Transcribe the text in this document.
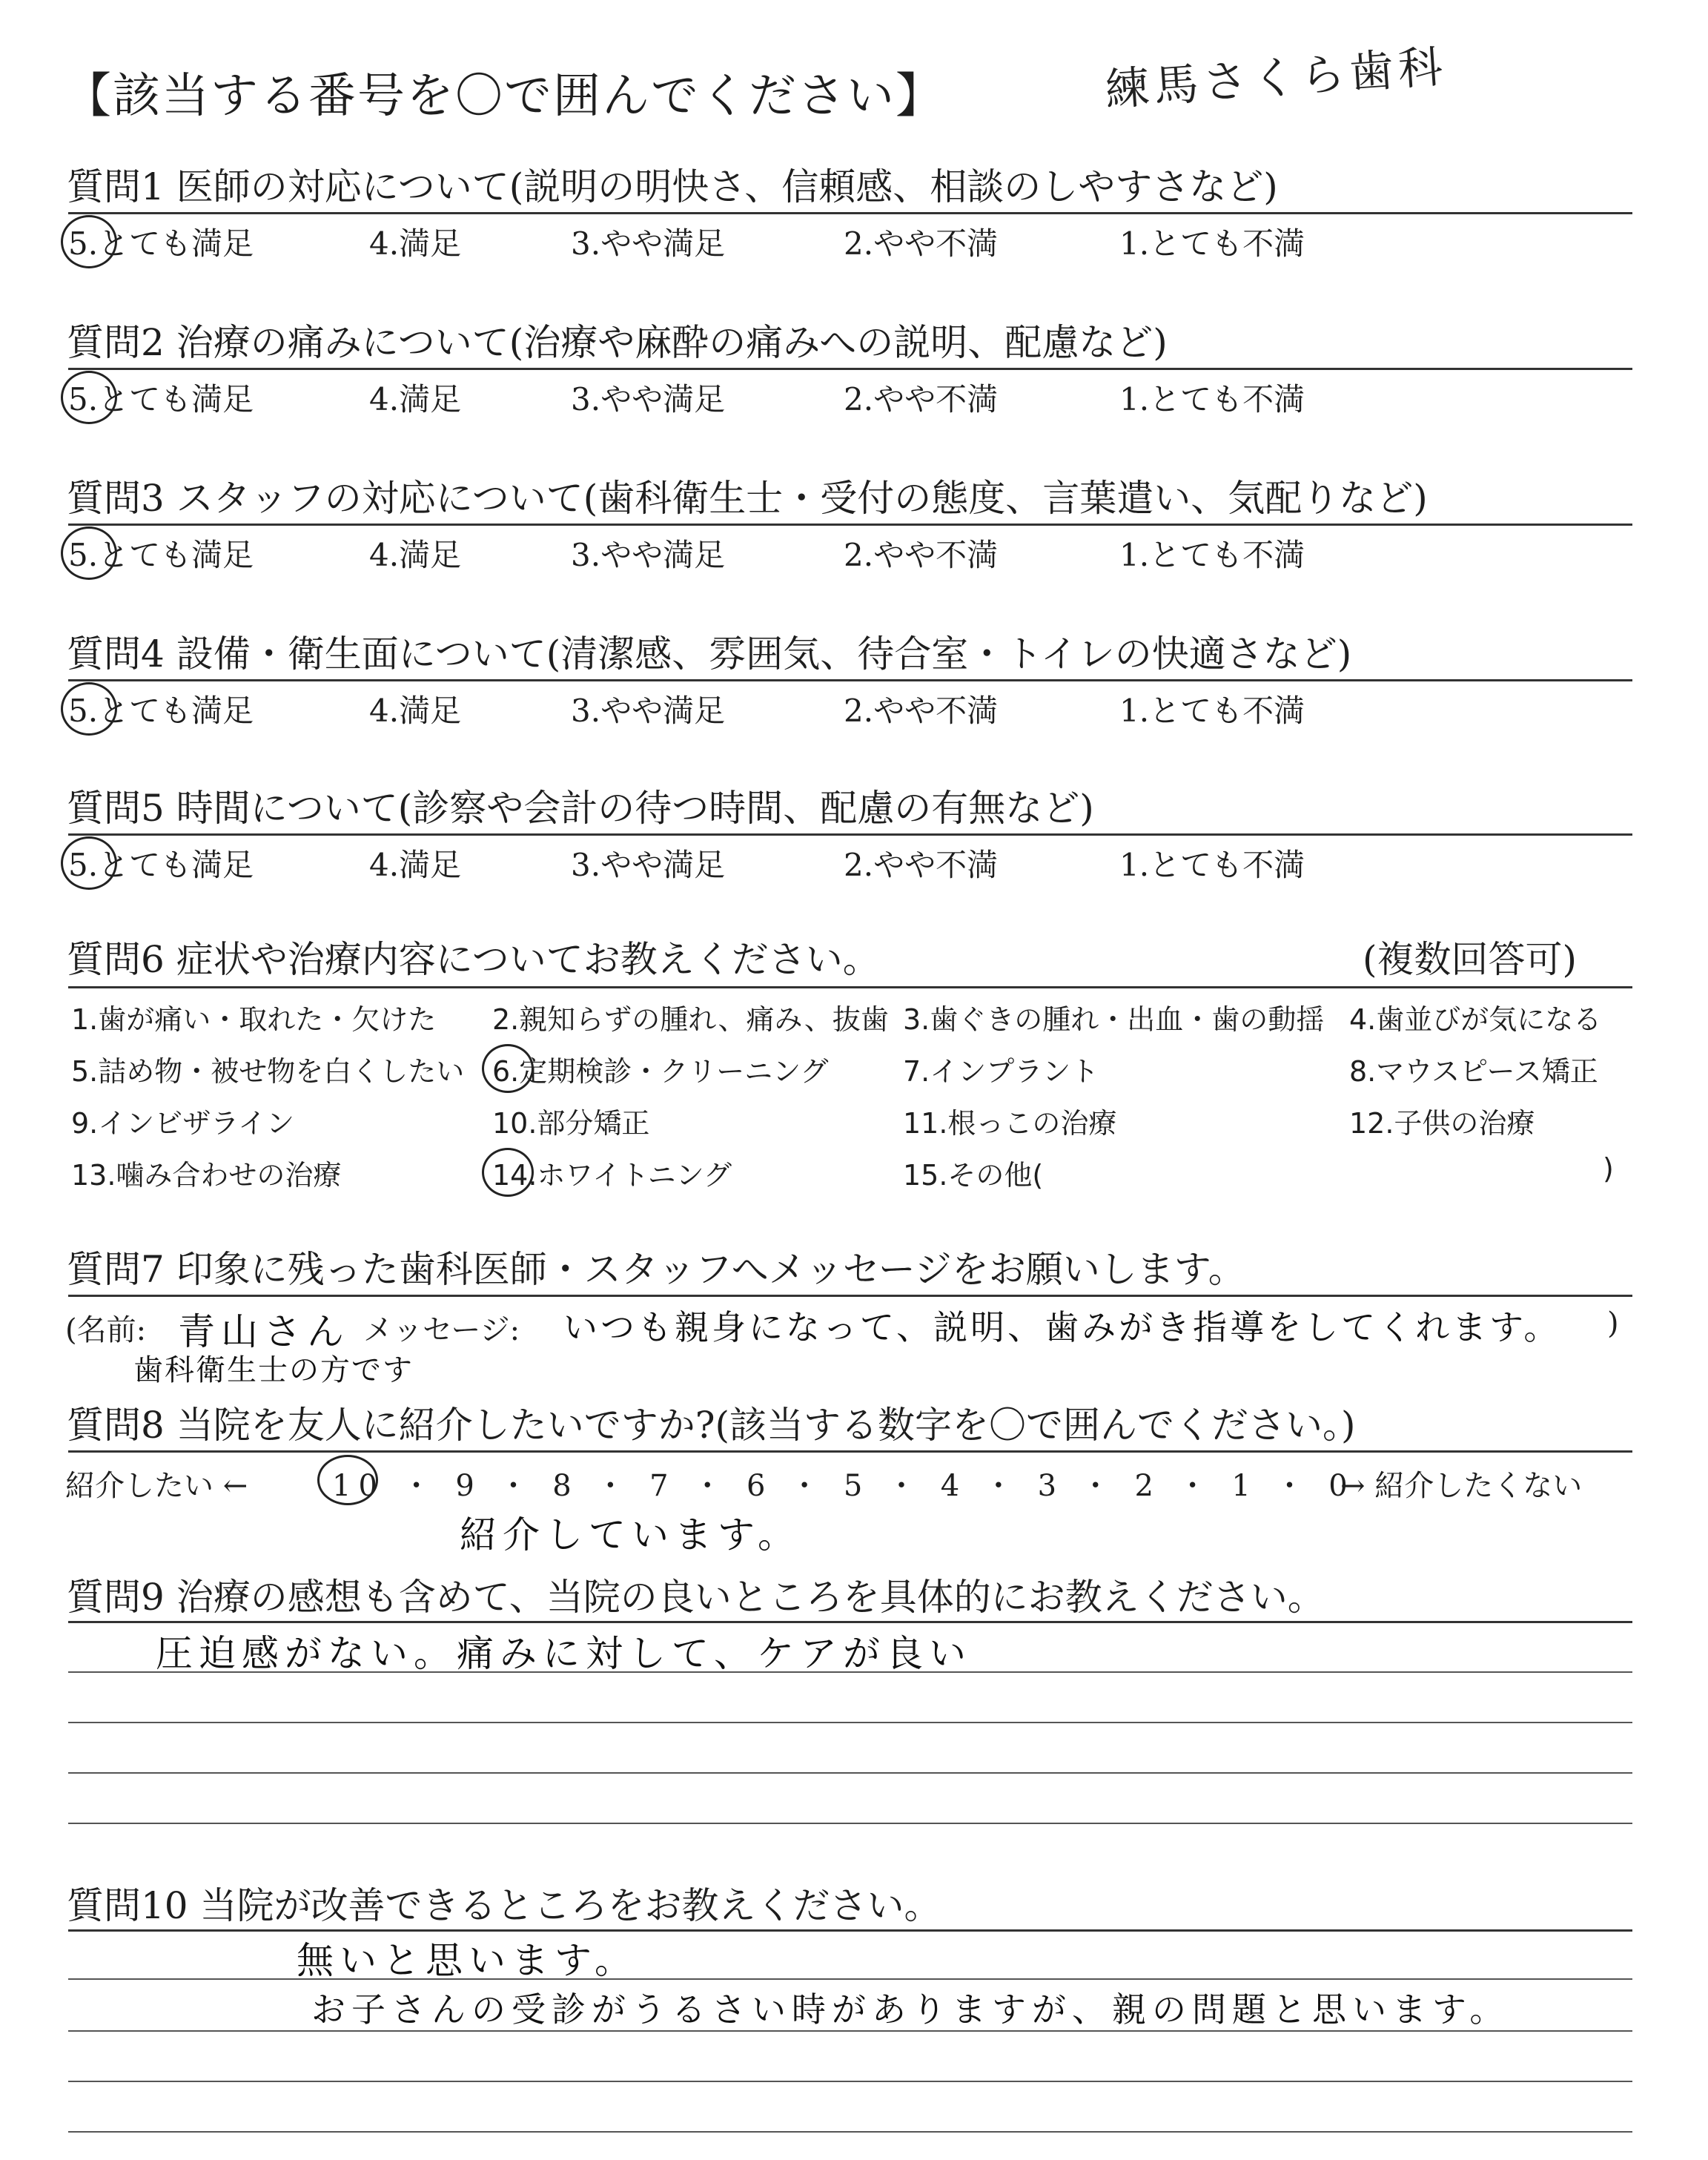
【該当する番号を〇で囲んでください】	練馬さくら歯科
質問1 医師の対応について(説明の明快さ、信頼感、相談のしやすさなど)
5.とても満足	4.満足	3.やや満足	2.やや不満	1.とても不満
質問2 治療の痛みについて(治療や麻酔の痛みへの説明、配慮など)
5.とても満足	4.満足	3.やや満足	2.やや不満	1.とても不満
質問3 スタッフの対応について(歯科衛生士・受付の態度、言葉遣い、気配りなど)
5.とても満足	4.満足	3.やや満足	2.やや不満	1.とても不満
質問4 設備・衛生面について(清潔感、雰囲気、待合室・トイレの快適さなど)
5.とても満足	4.満足	3.やや満足	2.やや不満	1.とても不満
質問5 時間について(診察や会計の待つ時間、配慮の有無など)
5.とても満足	4.満足	3.やや満足	2.やや不満	1.とても不満
質問6 症状や治療内容についてお教えください。	(複数回答可)
1.歯が痛い・取れた・欠けた 2.親知らずの腫れ、痛み、抜歯 3.歯ぐきの腫れ・出血・歯の動揺 4.歯並びが気になる
5.詰め物・被せ物を白くしたい 6.定期検診・クリーニング	7.インプラント	8.マウスピース矯正
9.インビザライン	10.部分矯正	11.根っこの治療	12.子供の治療
13.噛み合わせの治療	14.ホワイトニング	15.その他(	)
質問7 印象に残った歯科医師・スタッフへメッセージをお願いします。
(名前: 青山さん メッセージ: いつも親身になって、説明、歯みがき指導をしてくれます。 )
歯科衛生士の方です
質問8 当院を友人に紹介したいですか?(該当する数字を〇で囲んでください。)
紹介したい ←	10 ・ 9 ・ 8 ・ 7 ・ 6 ・ 5 ・ 4 ・ 3 ・ 2 ・ 1 ・ 0
→ 紹介したくない
紹介しています。
質問9 治療の感想も含めて、当院の良いところを具体的にお教えください。
圧迫感がない。痛みに対して、ケアが良い
質問10 当院が改善できるところをお教えください。
無いと思います。
お子さんの受診がうるさい時がありますが、親の問題と思います。
